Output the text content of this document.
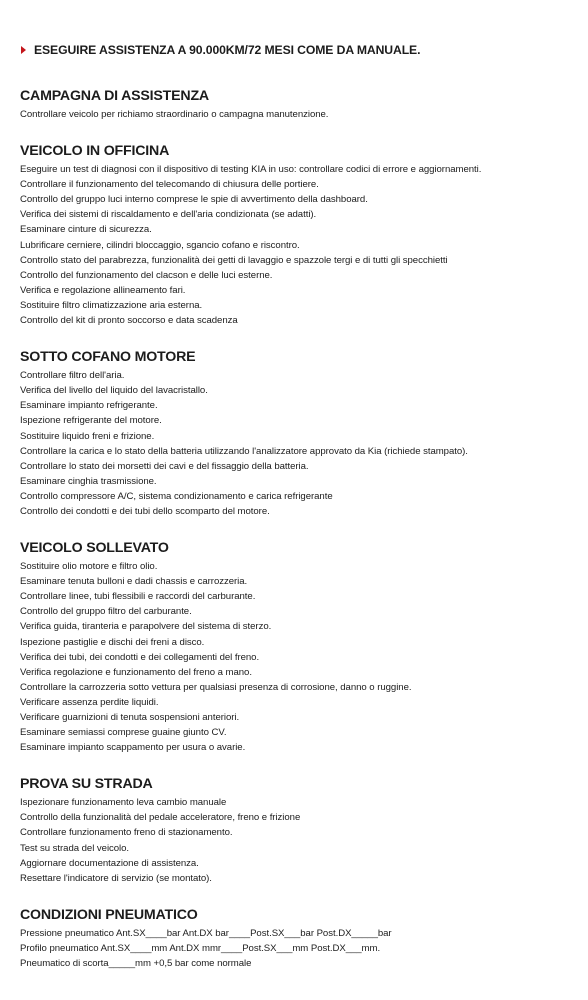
ESEGUIRE ASSISTENZA A 90.000KM/72 MESI COME DA MANUALE.
CAMPAGNA DI ASSISTENZA
Controllare veicolo per richiamo straordinario o campagna manutenzione.
VEICOLO IN OFFICINA
Eseguire un test di diagnosi con il dispositivo di testing KIA in uso: controllare codici di errore e aggiornamenti.
Controllare il funzionamento del telecomando di chiusura delle portiere.
Controllo del gruppo luci interno comprese le spie di avvertimento della dashboard.
Verifica dei sistemi di riscaldamento e dell'aria condizionata (se adatti).
Esaminare cinture di sicurezza.
Lubrificare cerniere, cilindri bloccaggio, sgancio cofano e riscontro.
Controllo stato del parabrezza, funzionalità dei getti di lavaggio e spazzole tergi e di tutti gli specchietti
Controllo del funzionamento del clacson e delle luci esterne.
Verifica e regolazione allineamento fari.
Sostituire filtro climatizzazione aria esterna.
Controllo del kit di pronto soccorso e data scadenza
SOTTO COFANO MOTORE
Controllare filtro dell'aria.
Verifica del livello del liquido del lavacristallo.
Esaminare impianto refrigerante.
Ispezione refrigerante del motore.
Sostituire liquido freni e frizione.
Controllare la carica e lo stato della batteria utilizzando l'analizzatore approvato da Kia (richiede stampato).
Controllare lo stato dei morsetti dei cavi e del fissaggio della batteria.
Esaminare cinghia trasmissione.
Controllo compressore A/C, sistema condizionamento e carica refrigerante
Controllo dei condotti e dei tubi dello scomparto del motore.
VEICOLO SOLLEVATO
Sostituire olio motore e filtro olio.
Esaminare tenuta bulloni e dadi chassis e carrozzeria.
Controllare linee, tubi flessibili e raccordi del carburante.
Controllo del gruppo filtro del carburante.
Verifica guida, tiranteria e parapolvere del sistema di sterzo.
Ispezione pastiglie e dischi dei freni a disco.
Verifica dei tubi, dei condotti e dei collegamenti del freno.
Verifica regolazione e funzionamento del freno a mano.
Controllare la carrozzeria sotto vettura per qualsiasi presenza di corrosione, danno o ruggine.
Verificare assenza perdite liquidi.
Verificare guarnizioni di tenuta sospensioni anteriori.
Esaminare semiassi comprese guaine giunto CV.
Esaminare impianto scappamento per usura o avarie.
PROVA SU STRADA
Ispezionare funzionamento leva cambio manuale
Controllo della funzionalità del pedale acceleratore, freno e frizione
Controllare funzionamento freno di stazionamento.
Test su strada del veicolo.
Aggiornare documentazione di assistenza.
Resettare l'indicatore di servizio (se montato).
CONDIZIONI PNEUMATICO
Pressione pneumatico Ant.SX____bar Ant.DX bar____Post.SX___bar Post.DX_____bar
Profilo pneumatico Ant.SX____mm Ant.DX mmr____Post.SX___mm Post.DX___mm.
Pneumatico di scorta_____mm +0,5 bar come normale
